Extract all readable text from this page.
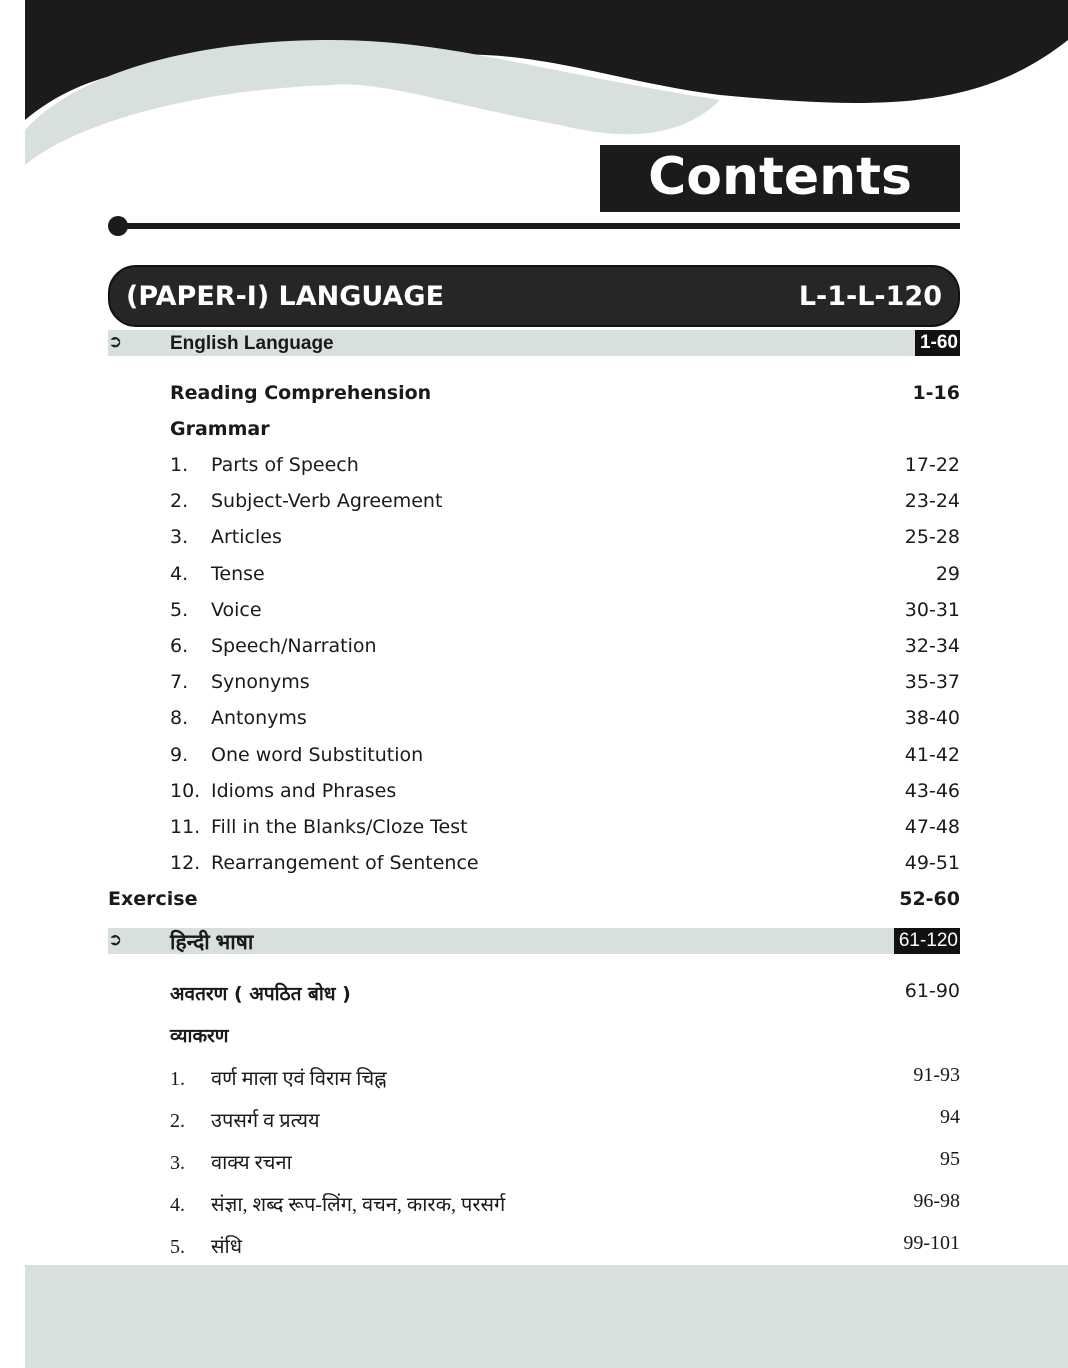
Contents
(PAPER-I) LANGUAGE	L-1-L-120
➲	English Language	1-60
Reading Comprehension	1-16
Grammar
1. Parts of Speech	17-22
2. Subject-Verb Agreement	23-24
3. Articles	25-28
4. Tense	29
5. Voice	30-31
6. Speech/Narration	32-34
7. Synonyms	35-37
8. Antonyms	38-40
9. One word Substitution	41-42
10. Idioms and Phrases	43-46
11. Fill in the Blanks/Cloze Test	47-48
12. Rearrangement of Sentence	49-51
Exercise	52-60
➲ हिन्दी भाषा	61-120
अवतरण ( अपठित बोध )	61-90
व्याकरण
1. वर्ण माला एवं विराम चिह्न	91-93
2. उपसर्ग व प्रत्यय	94
3. वाक्य रचना	95
4. संज्ञा, शब्द रूप-लिंग, वचन, कारक, परसर्ग	96-98
5. संधि	99-101
